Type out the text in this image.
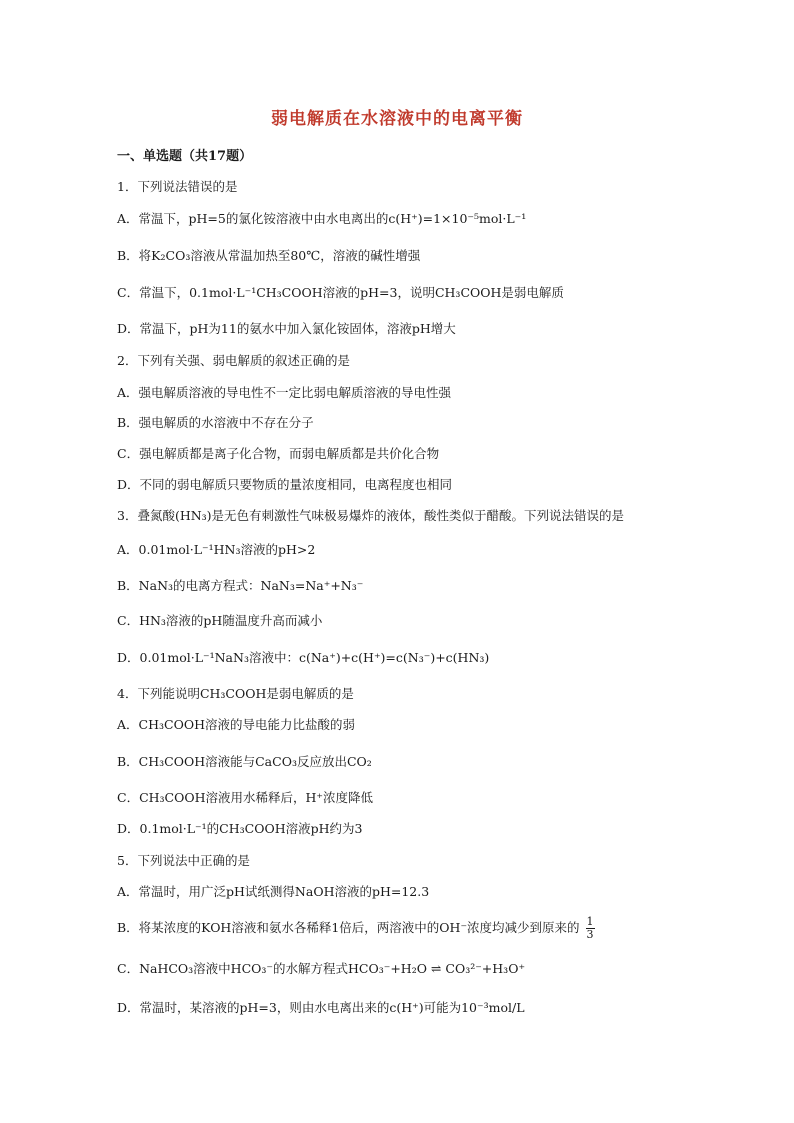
弱电解质在水溶液中的电离平衡
一、单选题（共17题）
1．下列说法错误的是
A．常温下，pH=5的氯化铵溶液中由水电离出的c(H⁺)=1×10⁻⁵mol·L⁻¹
B．将K₂CO₃溶液从常温加热至80℃，溶液的碱性增强
C．常温下，0.1mol·L⁻¹CH₃COOH溶液的pH=3，说明CH₃COOH是弱电解质
D．常温下，pH为11的氨水中加入氯化铵固体，溶液pH增大
2．下列有关强、弱电解质的叙述正确的是
A．强电解质溶液的导电性不一定比弱电解质溶液的导电性强
B．强电解质的水溶液中不存在分子
C．强电解质都是离子化合物，而弱电解质都是共价化合物
D．不同的弱电解质只要物质的量浓度相同，电离程度也相同
3．叠氮酸(HN₃)是无色有刺激性气味极易爆炸的液体，酸性类似于醋酸。下列说法错误的是
A．0.01mol·L⁻¹HN₃溶液的pH>2
B．NaN₃的电离方程式：NaN₃=Na⁺+N₃⁻
C．HN₃溶液的pH随温度升高而减小
D．0.01mol·L⁻¹NaN₃溶液中：c(Na⁺)+c(H⁺)=c(N₃⁻)+c(HN₃)
4．下列能说明CH₃COOH是弱电解质的是
A．CH₃COOH溶液的导电能力比盐酸的弱
B．CH₃COOH溶液能与CaCO₃反应放出CO₂
C．CH₃COOH溶液用水稀释后，H⁺浓度降低
D．0.1mol·L⁻¹的CH₃COOH溶液pH约为3
5．下列说法中正确的是
A．常温时，用广泛pH试纸测得NaOH溶液的pH=12.3
B．将某浓度的KOH溶液和氨水各稀释1倍后，两溶液中的OH⁻浓度均减少到原来的 $\frac{1}{3}$
C．NaHCO₃溶液中HCO₃⁻的水解方程式HCO₃⁻+H₂O ⇌ CO₃²⁻+H₃O⁺
D．常温时，某溶液的pH=3，则由水电离出来的c(H⁺)可能为10⁻³mol/L
